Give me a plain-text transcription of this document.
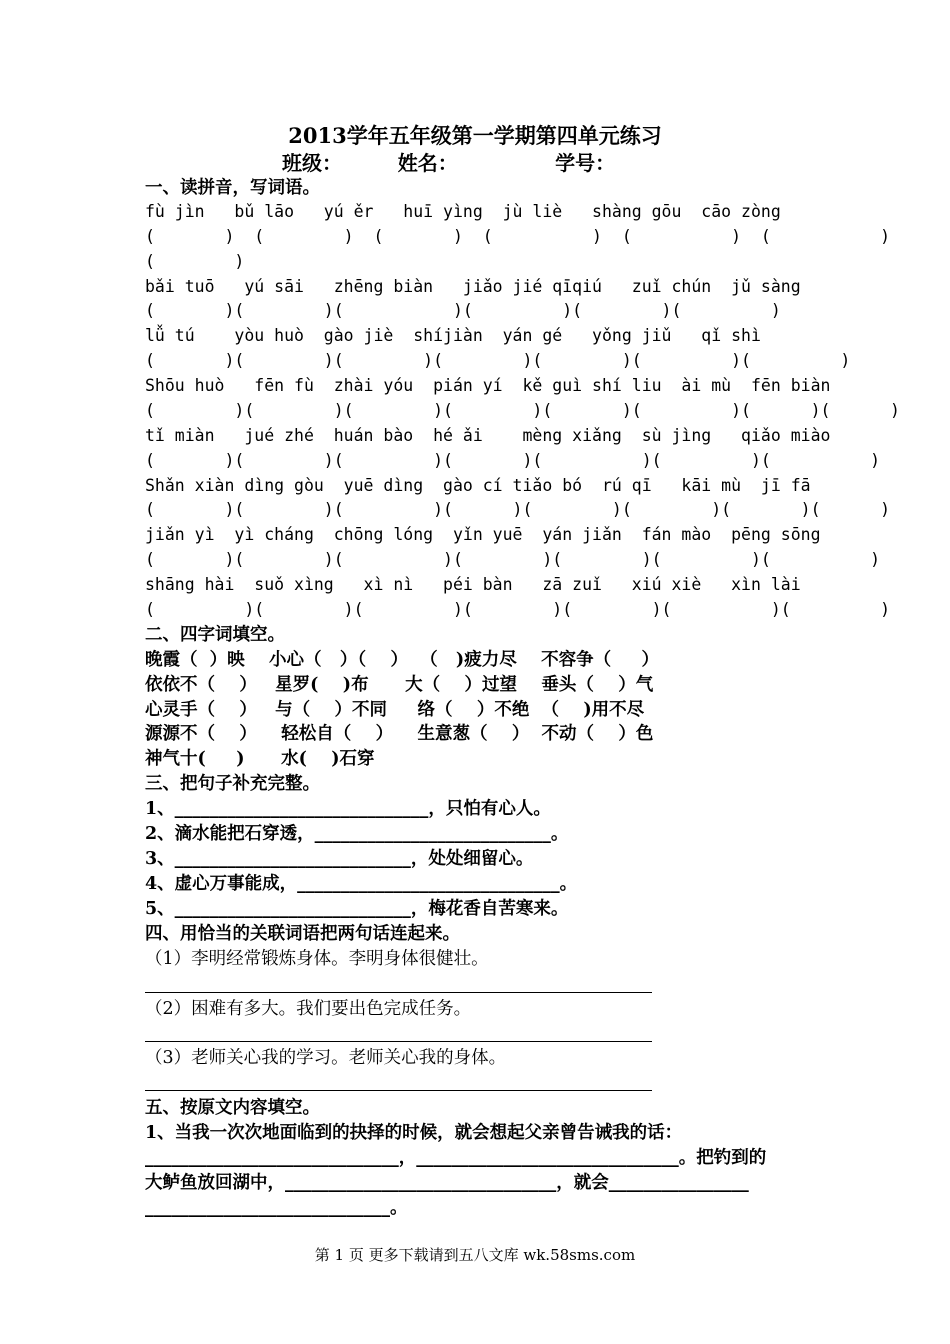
2013学年五年级第一学期第四单元练习
班级：        姓名：              学号：
一、读拼音，写词语。
fù jìn   bǔ lāo   yú ěr   huī yìng  jù liè   shàng gōu  cāo zòng
(       )  (        )  (       )  (          )  (          )  (           )
(        )
bǎi tuō   yú sāi   zhēng biàn   jiǎo jié qīqiú   zuǐ chún  jǔ sàng
(       )(        )(           )(         )(        )(         )
lǚ tú    yòu huò  gào jiè  shíjiàn  yán gé   yǒng jiǔ   qǐ shì
(       )(        )(        )(        )(        )(         )(         )
Shōu huò   fēn fù  zhài yóu  pián yí  kě guì shí liu  ài mù  fēn biàn
(        )(        )(        )(        )(       )(         )(      )(      )
tǐ miàn   jué zhé  huán bào  hé ǎi    mèng xiǎng  sù jìng   qiǎo miào
(       )(        )(         )(       )(          )(         )(          )
Shǎn xiàn dìng gòu  yuē dìng  gào cí tiǎo bó  rú qī   kāi mù  jī fā
(       )(        )(         )(      )(        )(        )(       )(      )
jiǎn yì  yì cháng  chōng lóng  yǐn yuē  yán jiǎn  fán mào  pēng sōng
(       )(        )(          )(        )(        )(         )(          )
shāng hài  suǒ xìng   xì nì   péi bàn   zā zuǐ   xiú xiè   xìn lài
(         )(        )(         )(        )(        )(          )(         )
二、四字词填空。
晚霞（  ）映    小心（   ）（    ）  （   )疲力尽    不容争（     ）
依依不（    ）   星罗(    )布      大（    ）过望    垂头（    ）气
心灵手（    ）   与（    ）不同     络（    ）不绝  （    )用不尽
源源不（    ）    轻松自（    ）    生意葱（    ）  不动（    ）色
神气十(     )      水(    )石穿
三、把句子补充完整。
1、_____________________________，只怕有心人。
2、滴水能把石穿透，___________________________。
3、___________________________，处处细留心。
4、虚心万事能成，______________________________。
5、___________________________，梅花香自苦寒来。
四、用恰当的关联词语把两句话连起来。
（1）李明经常锻炼身体。李明身体很健壮。
（2）困难有多大。我们要出色完成任务。
（3）老师关心我的学习。老师关心我的身体。
五、按原文内容填空。
1、当我一次次地面临到的抉择的时候，就会想起父亲曾告诫我的话：
_____________________________，______________________________。把钓到的
大鲈鱼放回湖中，_______________________________，就会________________
____________________________。
第 1 页 更多下载请到五八文库 wk.58sms.com
